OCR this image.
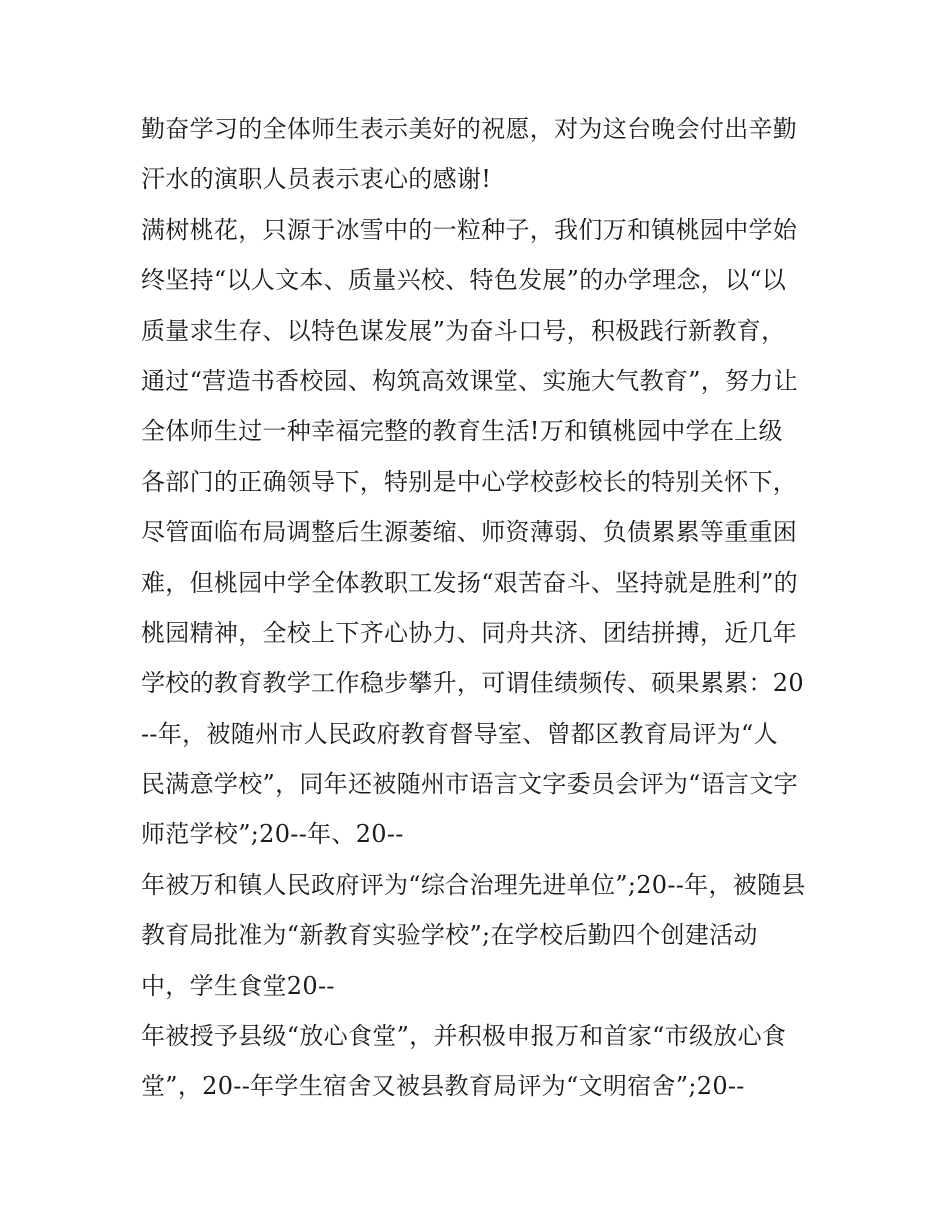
勤奋学习的全体师生表示美好的祝愿，对为这台晚会付出辛勤
汗水的演职人员表示衷心的感谢!
满树桃花，只源于冰雪中的一粒种子，我们万和镇桃园中学始
终坚持“以人文本、质量兴校、特色发展”的办学理念，以“以
质量求生存、以特色谋发展”为奋斗口号，积极践行新教育，
通过“营造书香校园、构筑高效课堂、实施大气教育”，努力让
全体师生过一种幸福完整的教育生活!万和镇桃园中学在上级
各部门的正确领导下，特别是中心学校彭校长的特别关怀下，
尽管面临布局调整后生源萎缩、师资薄弱、负债累累等重重困
难，但桃园中学全体教职工发扬“艰苦奋斗、坚持就是胜利”的
桃园精神，全校上下齐心协力、同舟共济、团结拼搏，近几年
学校的教育教学工作稳步攀升，可谓佳绩频传、硕果累累：20
--年，被随州市人民政府教育督导室、曾都区教育局评为“人
民满意学校”，同年还被随州市语言文字委员会评为“语言文字
师范学校”;20--年、20--
年被万和镇人民政府评为“综合治理先进单位”;20--年，被随县
教育局批准为“新教育实验学校”;在学校后勤四个创建活动
中，学生食堂20--
年被授予县级“放心食堂”，并积极申报万和首家“市级放心食
堂”，20--年学生宿舍又被县教育局评为“文明宿舍”;20--
